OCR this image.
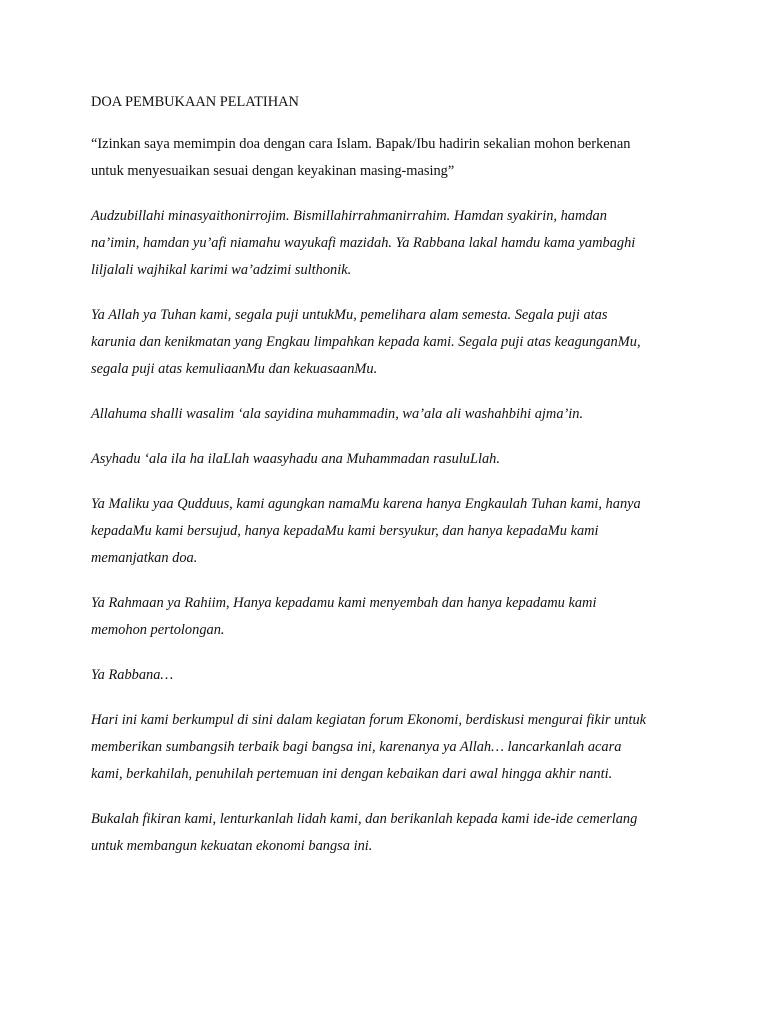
DOA PEMBUKAAN PELATIHAN

“Izinkan saya memimpin doa dengan cara Islam. Bapak/Ibu hadirin sekalian mohon berkenan
untuk menyesuaikan sesuai dengan keyakinan masing-masing”

Audzubillahi minasyaithonirrojim. Bismillahirrahmanirrahim. Hamdan syakirin, hamdan
na’imin, hamdan yu’afi niamahu wayukafi mazidah. Ya Rabbana lakal hamdu kama yambaghi
liljalali wajhikal karimi wa’adzimi sulthonik.

Ya Allah ya Tuhan kami, segala puji untukMu, pemelihara alam semesta. Segala puji atas
karunia dan kenikmatan yang Engkau limpahkan kepada kami. Segala puji atas keagunganMu,
segala puji atas kemuliaanMu dan kekuasaanMu.

Allahuma shalli wasalim ‘ala sayidina muhammadin, wa’ala ali washahbihi ajma’in.

Asyhadu ‘ala ila ha ilaLlah waasyhadu ana Muhammadan rasuluLlah.

Ya Maliku yaa Qudduus, kami agungkan namaMu karena hanya Engkaulah Tuhan kami, hanya
kepadaMu kami bersujud, hanya kepadaMu kami bersyukur, dan hanya kepadaMu kami
memanjatkan doa.

Ya Rahmaan ya Rahiim, Hanya kepadamu kami menyembah dan hanya kepadamu kami
memohon pertolongan.

Ya Rabbana…

Hari ini kami berkumpul di sini dalam kegiatan forum Ekonomi, berdiskusi mengurai fikir untuk
memberikan sumbangsih terbaik bagi bangsa ini, karenanya ya Allah… lancarkanlah acara
kami, berkahilah, penuhilah pertemuan ini dengan kebaikan dari awal hingga akhir nanti.

Bukalah fikiran kami, lenturkanlah lidah kami, dan berikanlah kepada kami ide-ide cemerlang
untuk membangun kekuatan ekonomi bangsa ini.
